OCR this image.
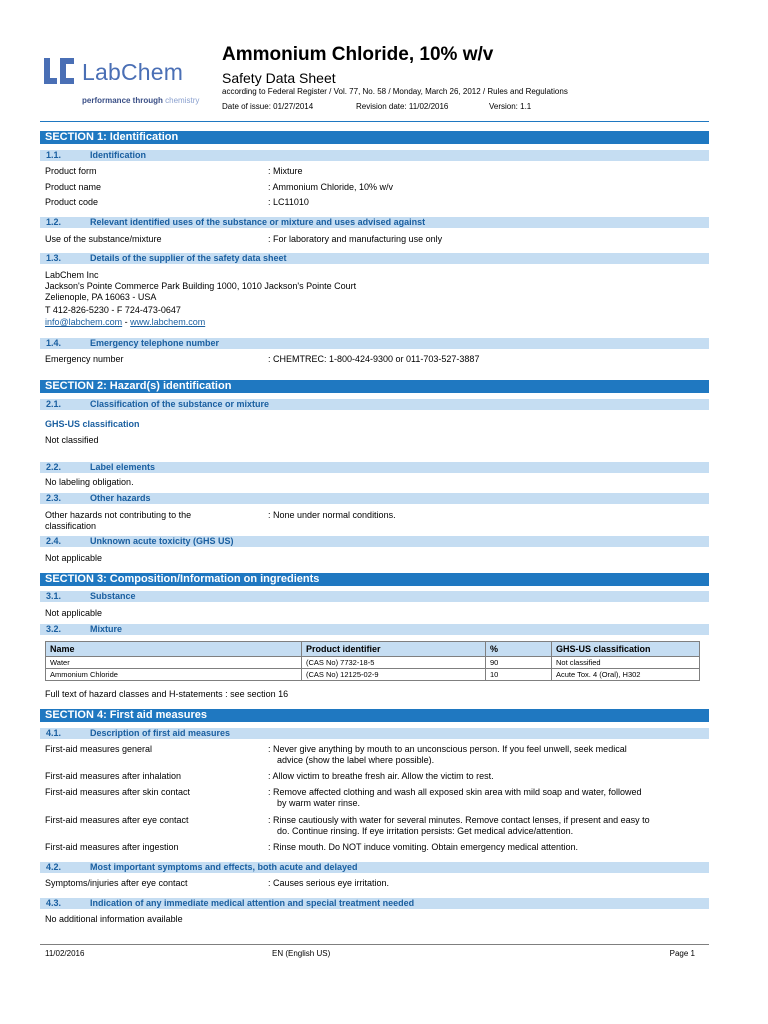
LabChem
performance through chemistry
Ammonium Chloride, 10% w/v
Safety Data Sheet
according to Federal Register / Vol. 77, No. 58 / Monday, March 26, 2012 / Rules and Regulations
Date of issue: 01/27/2014	Revision date: 11/02/2016	Version: 1.1
SECTION 1: Identification
1.1.	Identification
Product form	: Mixture
Product name	: Ammonium Chloride, 10% w/v
Product code	: LC11010
1.2.	Relevant identified uses of the substance or mixture and uses advised against
Use of the substance/mixture	: For laboratory and manufacturing use only
1.3.	Details of the supplier of the safety data sheet
LabChem Inc
Jackson's Pointe Commerce Park Building 1000, 1010 Jackson's Pointe Court
Zelienople, PA 16063 - USA
T 412-826-5230 - F 724-473-0647
info@labchem.com - www.labchem.com
1.4.	Emergency telephone number
Emergency number	: CHEMTREC: 1-800-424-9300 or 011-703-527-3887
SECTION 2: Hazard(s) identification
2.1.	Classification of the substance or mixture
GHS-US classification
Not classified
2.2.	Label elements
No labeling obligation.
2.3.	Other hazards
Other hazards not contributing to the
classification
: None under normal conditions.
2.4.	Unknown acute toxicity (GHS US)
Not applicable
SECTION 3: Composition/Information on ingredients
3.1.	Substance
Not applicable
3.2.	Mixture
Name	Product identifier	%	GHS-US classification
Water	(CAS No) 7732-18-5	90	Not classified
Ammonium Chloride	(CAS No) 12125-02-9	10	Acute Tox. 4 (Oral), H302
Full text of hazard classes and H-statements : see section 16
SECTION 4: First aid measures
4.1.	Description of first aid measures
First-aid measures general	: Never give anything by mouth to an unconscious person. If you feel unwell, seek medical
advice (show the label where possible).
First-aid measures after inhalation	: Allow victim to breathe fresh air. Allow the victim to rest.
First-aid measures after skin contact	: Remove affected clothing and wash all exposed skin area with mild soap and water, followed
by warm water rinse.
First-aid measures after eye contact	: Rinse cautiously with water for several minutes. Remove contact lenses, if present and easy to
do. Continue rinsing. If eye irritation persists: Get medical advice/attention.
First-aid measures after ingestion	: Rinse mouth. Do NOT induce vomiting. Obtain emergency medical attention.
4.2.	Most important symptoms and effects, both acute and delayed
Symptoms/injuries after eye contact	: Causes serious eye irritation.
4.3.	Indication of any immediate medical attention and special treatment needed
No additional information available
11/02/2016	EN (English US)	Page 1
